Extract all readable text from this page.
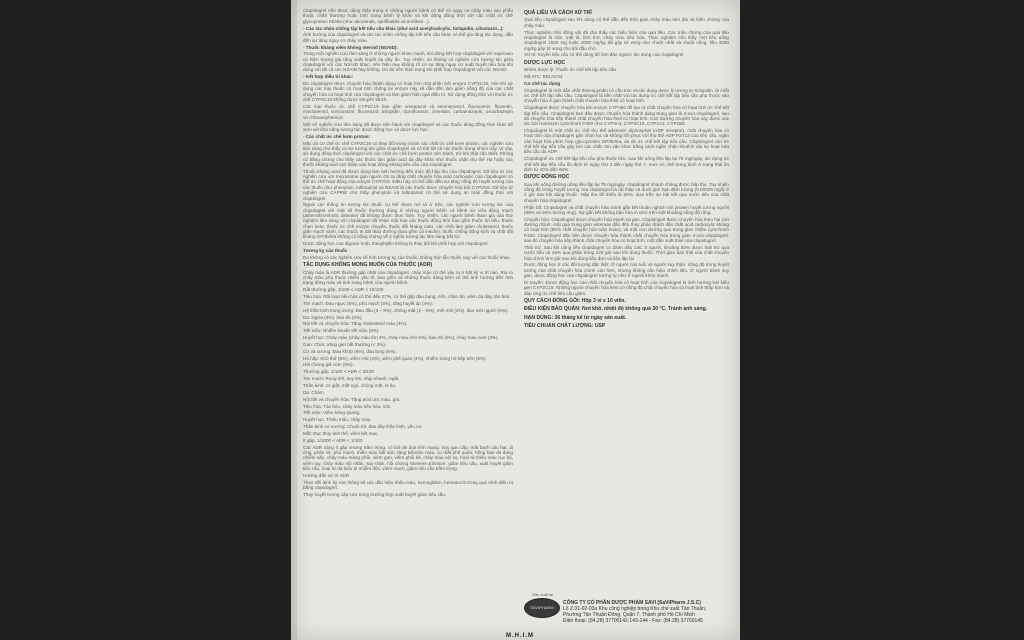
Clopidogrel nên được dùng thận trọng ở những người bệnh có thể có nguy cơ chảy máu sau phẫu thuật, chấn thương hoặc tình trạng bệnh lý khác và khi dùng đồng thời với các chất ức chế glycoprotein IIb/IIIa (như abciximab, eptifibatide và tirofiban...).

- Các tác nhân chống tập kết tiểu cầu khác (như acid acetylsalicylic, ticlopidin, cilostazol...):

Ảnh hưởng của clopidogrel và các tác nhân chống tập kết tiểu cầu khác có thể gia tăng tác dụng, dẫn đến sự tăng nguy cơ chảy máu.

- Thuốc kháng viêm không steroid (NSAID):

Trong một nghiên cứu lâm sàng ở những người khỏe mạnh, khi dùng kết hợp clopidogrel với naproxen có hiện tượng gia tăng xuất huyết dạ dày ẩn. Tuy nhiên, do không có nghiên cứu tương tác giữa clopidogrel với các NSAID khác, nên hiện nay không rõ có sự tăng nguy cơ xuất huyết tiêu hóa khi dùng với tất cả các NSAID hay không. Do đó nên thận trọng khi phối hợp clopidogrel với các NSAID.

- Kết hợp điều trị khác:

Do clopidogrel được chuyển hóa thành dạng có hoạt tính một phần bởi enzym CYP2C19, nên khi sử dụng các loại thuốc có hoạt tính chống lại enzym này sẽ dẫn đến làm giảm nồng độ của các chất chuyển hóa có hoạt tính của clopidogrel và làm giảm hiệu quả điều trị. Sử dụng đồng thời với thuốc ức chế CYP2C19 không được khuyến khích.

Các loại thuốc ức chế CYP2C19 bao gồm omeprazol và esomeprazol, fluvoxamin, fluoxetin, moclobemid, voriconazol, fluconazol, ticlopidin, ciprofloxacin, cimetidin, carbamazepin, oxcarbazepin và chloramphenicol.

Một số nghiên cứu lâm sàng đã được tiến hành với clopidogrel và các thuốc dùng đồng thời khác để xem xét khả năng tương tác dược động học và dược lực học.

- Các chất ức chế bơm proton:

Mặc dù cơ chế ức chế CYP2C19 có thay đổi trong nhóm các chất ức chế bơm proton, các nghiên cứu lâm sàng cho thấy có sự tương tác giữa clopidogrel và có thể tất cả các thuốc trong nhóm này. Vì vậy, sử dụng đồng thời clopidogrel với các chất ức chế bơm proton nên tránh, trừ khi thật cần thiết. Không có bằng chứng cho thấy các thuốc làm giảm acid dạ dày khác như thuốc chặn thụ thể H2 hoặc các thuốc kháng acid can thiệp vào hoạt động kháng tiểu cầu của clopidogrel.

Thuốc kháng acid đã được dùng làm ảnh hưởng đến mức độ hấp thu của clopidogrel. Dữ liệu từ các nghiên cứu với microsome gan người chỉ ra rằng chất chuyển hóa acid carboxylic của clopidogrel có thể ức chế hoạt động của enzym CYP2C9. Điều này có thể dẫn đến sự tăng nồng độ huyết tương của các thuốc như phenytoin, tolbutamid và NSAID là các thuốc được chuyển hóa bởi CYP2C9. Dữ liệu từ nghiên cứu CAPRIE cho thấy phenytoin và tolbutamid có thể sử dụng an toàn đồng thời với clopidogrel.

Ngoài các thông tin tương tác thuốc cụ thể được mô tả ở trên, các nghiên cứu tương tác của clopidogrel với một số thuốc thường dùng ở những người bệnh có bệnh xơ vữa động mạch (atherothrombotic disease) đã không được thực hiện. Tuy nhiên, các người bệnh tham gia vào thử nghiệm lâm sàng với clopidogrel đã nhận một loạt các thuốc đồng thời bao gồm thuốc lợi tiểu, thuốc chẹn beta, thuốc ức chế enzym chuyển, thuốc đối kháng calci, các chất làm giảm cholesterol, thuốc giãn mạch vành, các thuốc trị đái tháo đường (bao gồm cả insulin), thuốc chống động kinh và chất đối kháng GPIIb/IIIa không có bằng chứng về ý nghĩa tương tác lâm sàng bất lợi.

Dược động học của digoxin hoặc theophyllin không bị thay đổi khi phối hợp với clopidogrel.

Tương kỵ của thuốc

Do không có các nghiên cứu về tính tương kỵ của thuốc, không trộn lẫn thuốc này với các thuốc khác.

TÁC DỤNG KHÔNG MONG MUỐN CỦA THUỐC (ADR)

Chảy máu là ADR thường gặp nhất của clopidogrel, chảy máu có thể xảy ra ở bất kỳ vị trí nào. Rủi ro chảy máu phụ thuộc nhiều yếu tố, bao gồm cả những thuốc dùng kèm có thể ảnh hưởng đến tình trạng đông máu và tình trạng bệnh của người bệnh.

Rất thường gặp, 3/100 < ADR < 10/100

Tiêu hóa: Rối loạn tiêu hóa có thể đến 27%, có thể gặp đau bụng, nôn, chán ăn, viêm dạ dày, táo bón.

Tim mạch: Đau ngực (8%), phù mạch (4%), tăng huyết áp (4%).

Hệ thần kinh trung ương: Đau đầu (3 – 8%), chóng mặt (2 – 5%), mệt mỏi (3%), đau mỏi người (6%).

Da: Ngứa (4%), ban đỏ (3%).

Nội tiết và chuyển hóa: Tăng cholesterol máu (4%).

Tiết niệu: Nhiễm khuẩn tiết niệu (3%).

Huyết học: Chảy máu (chảy máu lớn 4%, chảy máu nhỏ 5%), ban đỏ (5%), chảy máu cam (3%).

Gan: Chức năng gan bất thường (< 3%).

Cơ và xương: Đau khớp (6%), đau lưng (6%).

Hô hấp: Khó thở (5%), viêm mũi (4%), viêm phế quản (4%), nhiễm trùng hô hấp trên (9%).

Hội chứng giả cúm (8%).

Thường gặp, 1/100 < ADR < 3/100

Tim mạch: Rung nhĩ, suy tim, nhịp nhanh, ngất.

Thần kinh: co giật, mất ngủ, chóng mặt, lo âu.

Da: Chàm.

Nội tiết và chuyển hóa: Tăng acid uric máu, gút.

Tiêu hóa: Táo bón, chảy máu tiêu hóa, nôn.

Tiết niệu: Viêm bàng quang.

Huyết học: Thiếu máu, chảy máu.

Thần kinh cơ vương: Chuột rút, đau dây thần kinh, yếu cơ.

Mắt: Đục thủy tinh thể, viêm kết mạc.

Ít gặp, 1/1000 < ADR < 1/100

Các ADR nặng ít gặp nhưng trầm trọng, có thể đe dọa tính mạng: Suy gan cấp, mất bạch cầu hạt, dị ứng, phản vệ, phù mạch, thiếu máu bất sản, tăng bilirubin máu, co thắt phế quản, hồng ban đa dạng nhiễm sắc, chảy máu màng phổi, viêm gan, viêm phổi kẽ, chảy máu nội sọ, hoại tử thiếu máu cục bộ, viêm tụy, chảy máu nội nhãn, suy thận, hội chứng Stevens-Johnson, giảm tiểu cầu, xuất huyết giảm tiểu cầu, hoại tử da biểu bì nhiễm độc, viêm mạch, giảm tiểu cầu trầm trọng.

Hướng dẫn xử trí ADR

Theo dõi định kỳ các thông số các dấu hiệu thiếu máu, hemoglobin, hematocrit trong quá trình điều trị bằng clopidogrel.

Thay huyết tương cấp cứu trong trường hợp xuất huyết giảm tiểu cầu.

QUÁ LIỀU VÀ CÁCH XỬ TRÍ

Quá liều clopidogrel sau khi dùng có thể dẫn đến thời gian chảy máu kéo dài và biến chứng của chảy máu.

Thực nghiệm trên động vật đã cho thấy các biểu hiện của quá liều. Các triệu chứng của quá liều clopidogrel là nôn, mệt lả, khó thở, chảy máu tiêu hóa. Thực nghiệm cho thấy một liều uống clopidogrel 1500 mg hoặc 2000 mg/kg đã gây tử vong cho chuột nhắt và chuột cống, liều 3000 mg/kg gây tử vong cho khỉ đầu chó.

Xử trí: truyền tiểu cầu có thể dùng để làm đảo ngược tác dụng của clopidogrel.

DƯỢC LỰC HỌC

Nhóm dược lý: Thuốc ức chế kết tập tiểu cầu.

Mã ATC: B01AC04

Cơ chế tác dụng

Clopidogrel là một dẫn chất thienopyridin có cấu trúc và tác dụng dược lý tương tự ticlopidin, là chất ức chế kết tập tiểu cầu. Clopidogrel là tiền chất với tác dụng ức chế kết tập tiểu cầu phụ thuộc vào chuyển hóa ở gan thành chất chuyển hóa thiol có hoạt tính.

Clopidogrel được chuyển hóa bởi enzym CYP450 để tạo ra chất chuyển hóa có hoạt tính ức chế kết tập tiểu cầu. Clopidogrel ban đầu được chuyển hóa thành dạng trung gian là 2-oxo-clopidogrel, sau đó chuyển hóa tiếp thành chất chuyển hóa thiol có hoạt tính. Con đường chuyển hóa này được xúc tác bởi isoenzym cytochrom P450 như CYP3A4, CYP2C19, CYP1A2, CYP2B6.

Clopidogrel là một chất ức chế thụ thể adenosin diphosphat (ADP receptor), chất chuyển hóa có hoạt tính của clopidogrel gắn chọn lọc và không hồi phục với thụ thể ADP P2Y12 của tiểu cầu, ngăn cản hoạt hóa phức hợp glycoprotein GPIIb/IIIa, do đó ức chế kết tập tiểu cầu. Clopidogrel còn ức chế kết tập tiểu cầu gây bởi các chất chủ vận khác bằng cách ngăn chặn khuếch đại sự hoạt hóa tiểu cầu do ADP.

Clopidogrel ức chế kết tập tiểu cầu phụ thuộc liều. Sau khi uống liều lặp lại 75 mg/ngày, tác dụng ức chế kết tập tiểu cầu ổn định từ ngày thứ 3 đến ngày thứ 7, mức ức chế trung bình ở trạng thái ổn định từ 40% đến 60%.

DƯỢC ĐỘNG HỌC

Sau khi uống đường uống liều lặp lại 75 mg/ngày, clopidogrel nhanh chóng được hấp thu. Tuy nhiên nồng độ trong huyết tương của clopidogrel là rất thấp và dưới giới hạn định lượng (0,00025 mg/l) ở 2 giờ sau khi dùng thuốc. Hấp thu tối thiểu là 50%, dựa trên sự bài tiết qua nước tiểu của chất chuyển hóa clopidogrel.

Phân bố: Clopidogrel và chất chuyển hóa chính gắn kết thuận nghịch với protein huyết tương người (98% và 94% tương ứng). Sự gắn kết không bão hòa in vitro trên một khoảng nồng độ rộng.

Chuyển hóa: Clopidogrel được chuyển hóa mạnh tại gan. Clopidogrel được chuyển hóa theo hai con đường chính: một qua trung gian esterase dẫn đến thủy phân thành dẫn chất acid carboxylic không có hoạt tính (85% chất chuyển hóa tuần hoàn), và một con đường qua trung gian nhiều cytochrom P450. Clopidogrel đầu tiên được chuyển hóa thành chất chuyển hóa trung gian 2-oxo-clopidogrel, sau đó chuyển hóa tiếp thành chất chuyển hóa có hoạt tính, một dẫn xuất thiol của clopidogrel.

Thải trừ: Sau khi uống liều clopidogrel có đánh dấu 14C ở người, khoảng 50% được thải trừ qua nước tiểu và 46% qua phân trong 120 giờ sau khi dùng thuốc. Thời gian bán thải của chất chuyển hóa chính là 8 giờ sau khi dùng liều đơn và liều lặp lại.

Dược động học ở các đối tượng đặc biệt: Ở người cao tuổi và người suy thận, nồng độ trong huyết tương của chất chuyển hóa chính cao hơn, nhưng không cần hiệu chỉnh liều. Ở người bệnh suy gan, dược động học của clopidogrel tương tự như ở người khỏe mạnh.

Di truyền: Dược động học của chất chuyển hóa có hoạt tính của clopidogrel bị ảnh hưởng bởi kiểu gen CYP2C19. Những người chuyển hóa kém có nồng độ chất chuyển hóa có hoạt tính thấp hơn và đáp ứng ức chế tiểu cầu giảm.

QUY CÁCH ĐÓNG GÓI: Hộp 3 vỉ x 10 viên.
ĐIỀU KIỆN BẢO QUẢN: Nơi khô, nhiệt độ không quá 30 °C. Tránh ánh sáng.
HẠN DÙNG: 36 tháng kể từ ngày sản xuất.
TIÊU CHUẨN CHẤT LƯỢNG: USP
Sản xuất tại
SAVIPHARM
CÔNG TY CỔ PHẦN DƯỢC PHẨM SAVI (SaViPharm J.S.C)
Lô Z.01-02-03a Khu công nghiệp trong Khu chế xuất Tân Thuận,
Phường Tân Thuận Đông, Quận 7, Thành phố Hồ Chí Minh
Điện thoại: (84.28) 37700142-143-144 - Fax: (84.28) 37700145
M.H.I.M
